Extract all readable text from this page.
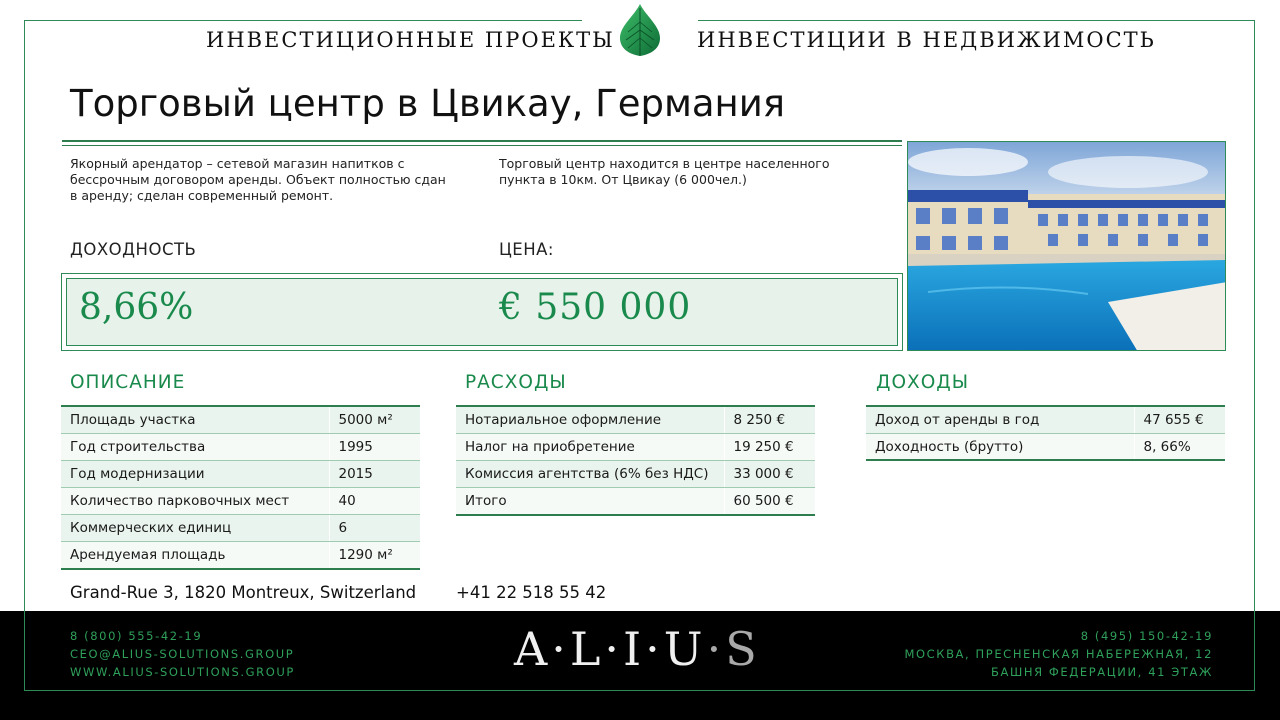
ИНВЕСТИЦИОННЫЕ ПРОЕКТЫ	ИНВЕСТИЦИИ В НЕДВИЖИМОСТЬ
Торговый центр в Цвикау, Германия

Якорный арендатор – сетевой магазин напитков с бессрочным договором аренды. Объект полностью сдан в аренду; сделан современный ремонт.

Торговый центр находится в центре населенного пункта в 10км. От Цвикау (6 000чел.)

ДОХОДНОСТЬ	ЦЕНА:
8,66%	€ 550 000
ОПИСАНИЕ	РАСХОДЫ	ДОХОДЫ
Площадь участка	5000 м²
Год строительства	1995
Год модернизации	2015
Количество парковочных мест	40
Коммерческих единиц	6
Арендуемая площадь	1290 м²
Нотариальное оформление	8 250 €
Налог на приобретение	19 250 €
Комиссия агентства (6% без НДС)	33 000 €
Итого	60 500 €
Доход от аренды в год	47 655 €
Доходность (брутто)	8, 66%
Grand-Rue 3, 1820 Montreux, Switzerland +41 22 518 55 42
8 (800) 555-42-19
CEO@ALIUS-SOLUTIONS.GROUP
WWW.ALIUS-SOLUTIONS.GROUP	A·L·I·U·S	8 (495) 150-42-19
МОСКВА, ПРЕСНЕНСКАЯ НАБЕРЕЖНАЯ, 12
БАШНЯ ФЕДЕРАЦИИ, 41 ЭТАЖ
